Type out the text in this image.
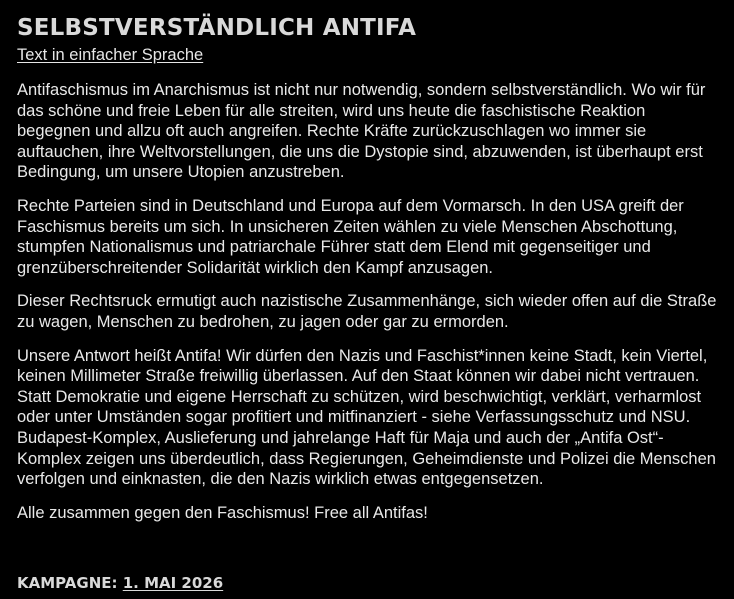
SELBSTVERSTÄNDLICH ANTIFA
Text in einfacher Sprache

Antifaschismus im Anarchismus ist nicht nur notwendig, sondern selbstverständlich. Wo wir für das schöne und freie Leben für alle streiten, wird uns heute die faschistische Reaktion begegnen und allzu oft auch angreifen. Rechte Kräfte zurückzuschlagen wo immer sie auftauchen, ihre Weltvorstellungen, die uns die Dystopie sind, abzuwenden, ist überhaupt erst Bedingung, um unsere Utopien anzustreben.

Rechte Parteien sind in Deutschland und Europa auf dem Vormarsch. In den USA greift der Faschismus bereits um sich. In unsicheren Zeiten wählen zu viele Menschen Abschottung, stumpfen Nationalismus und patriarchale Führer statt dem Elend mit gegenseitiger und grenzüberschreitender Solidarität wirklich den Kampf anzusagen.

Dieser Rechtsruck ermutigt auch nazistische Zusammenhänge, sich wieder offen auf die Straße zu wagen, Menschen zu bedrohen, zu jagen oder gar zu ermorden.

Unsere Antwort heißt Antifa! Wir dürfen den Nazis und Faschist*innen keine Stadt, kein Viertel, keinen Millimeter Straße freiwillig überlassen. Auf den Staat können wir dabei nicht vertrauen. Statt Demokratie und eigene Herrschaft zu schützen, wird beschwichtigt, verklärt, verharmlost oder unter Umständen sogar profitiert und mitfinanziert - siehe Verfassungsschutz und NSU. Budapest-Komplex, Auslieferung und jahrelange Haft für Maja und auch der „Antifa Ost“-Komplex zeigen uns überdeutlich, dass Regierungen, Geheimdienste und Polizei die Menschen verfolgen und einknasten, die den Nazis wirklich etwas entgegensetzen.

Alle zusammen gegen den Faschismus! Free all Antifas!

KAMPAGNE: 1. MAI 2026
